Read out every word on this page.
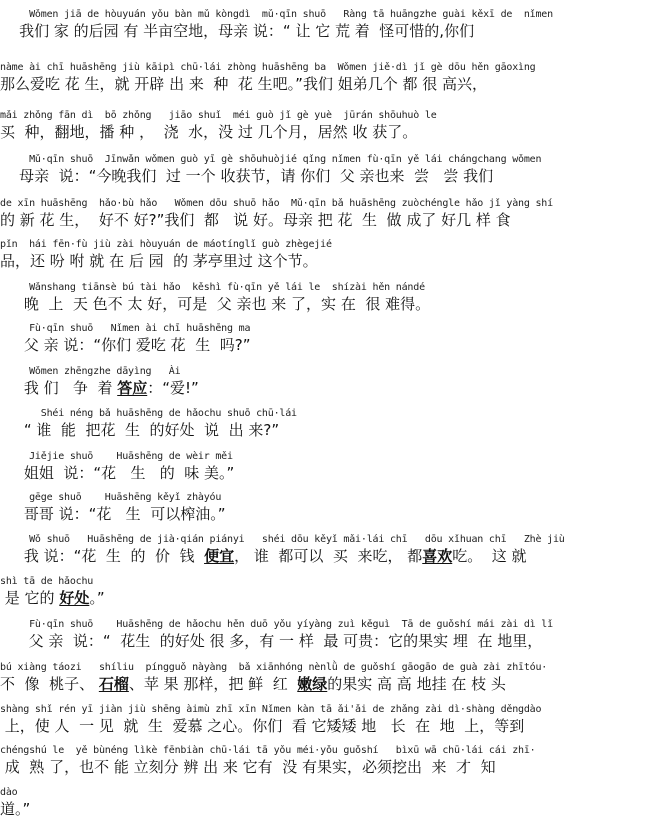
Wǒmen jiā de hòuyuán yǒu bàn mǔ kòngdì  mǔ·qīn shuō   Ràng tā huāngzhe guài kěxī de  nǐmen
我们 家 的后园 有 半亩空地，母亲 说：“ 让 它 荒 着  怪可惜的,你们
nàme ài chī huāshēng jiù kāipì chū·lái zhòng huāshēng ba  Wǒmen jiě·dì jǐ gè dōu hěn gāoxìng
那么爱吃 花 生，就 开辟 出 来  种  花 生吧。”我们 姐弟几个 都 很 高兴，
mǎi zhǒng fān dì  bō zhǒng   jiāo shuǐ  méi guò jǐ gè yuè  jūrán shōuhuò le
买  种，翻地，播 种 ，  浇  水，没 过 几个月，居然 收 获了。
Mǔ·qīn shuō  Jīnwǎn wǒmen guò yī gè shōuhuòjié qǐng nǐmen fù·qīn yě lái chángchang wǒmen
母亲  说：“今晚我们  过 一个 收获节，请 你们  父 亲也来  尝   尝 我们
de xīn huāshēng  hǎo·bù hǎo   Wǒmen dōu shuō hǎo  Mǔ·qīn bǎ huāshēng zuòchéngle hǎo jǐ yàng shí
的 新 花 生，  好不 好?”我们  都   说 好。母亲 把 花  生  做 成了 好几 样 食
pǐn  hái fēn·fù jiù zài hòuyuán de máotínglǐ guò zhègejié
品，还 吩 咐 就 在 后 园  的 茅亭里过 这个节。
Wǎnshang tiānsè bú tài hǎo  kěshì fù·qīn yě lái le  shízài hěn nándé
晚  上  天 色不 太 好，可是  父 亲也 来 了，实 在  很 难得。
Fù·qīn shuō   Nǐmen ài chī huāshēng ma
父 亲 说：“你们 爱吃 花  生  吗?”
Wǒmen zhēngzhe dāyìng   Ài
我 们   争  着 答应：“爱!”
Shéi néng bǎ huāshēng de hǎochu shuō chū·lái
“ 谁  能  把花  生  的好处  说  出 来?”
Jiějie shuō    Huāshēng de wèir měi
姐姐  说：“花   生   的  味 美。”
gēge shuō    Huāshēng kěyǐ zhàyóu
哥哥 说：“花   生  可以榨油。”
Wǒ shuō   Huāshēng de jià·qián piányi   shéi dōu kěyǐ mǎi·lái chī   dōu xǐhuan chī   Zhè jiù
我 说：“花  生  的  价  钱  便宜， 谁  都可以  买  来吃， 都喜欢吃。  这 就
shì tā de hǎochu
是 它的 好处。”
Fù·qīn shuō    Huāshēng de hǎochu hěn duō yǒu yíyàng zuì kěguì  Tā de guǒshí mái zài dì lǐ
父 亲  说：“  花生  的好处 很 多，有 一 样  最 可贵：它的果实 埋  在 地里，
bú xiàng táozi   shíliu  píngguǒ nàyàng  bǎ xiānhóng nènlǜ de guǒshí gāogāo de guà zài zhītóu·
不  像  桃子、 石榴、苹 果 那样，把 鲜  红  嫩绿的果实 高 高 地挂 在 枝 头
shàng shǐ rén yī jiàn jiù shēng àimù zhī xīn Nǐmen kàn tā ǎi'ǎi de zhǎng zài dì·shàng děngdào
上，使 人  一 见  就  生  爱慕 之心。你们  看 它矮矮 地   长  在  地  上，等到
chéngshú le  yě bùnéng lìkè fēnbiàn chū·lái tā yǒu méi·yǒu guǒshí   bìxū wā chū·lái cái zhī·
成  熟 了，也不 能 立刻分 辨 出 来 它有  没 有果实，必须挖出  来  才  知
dào
道。”
